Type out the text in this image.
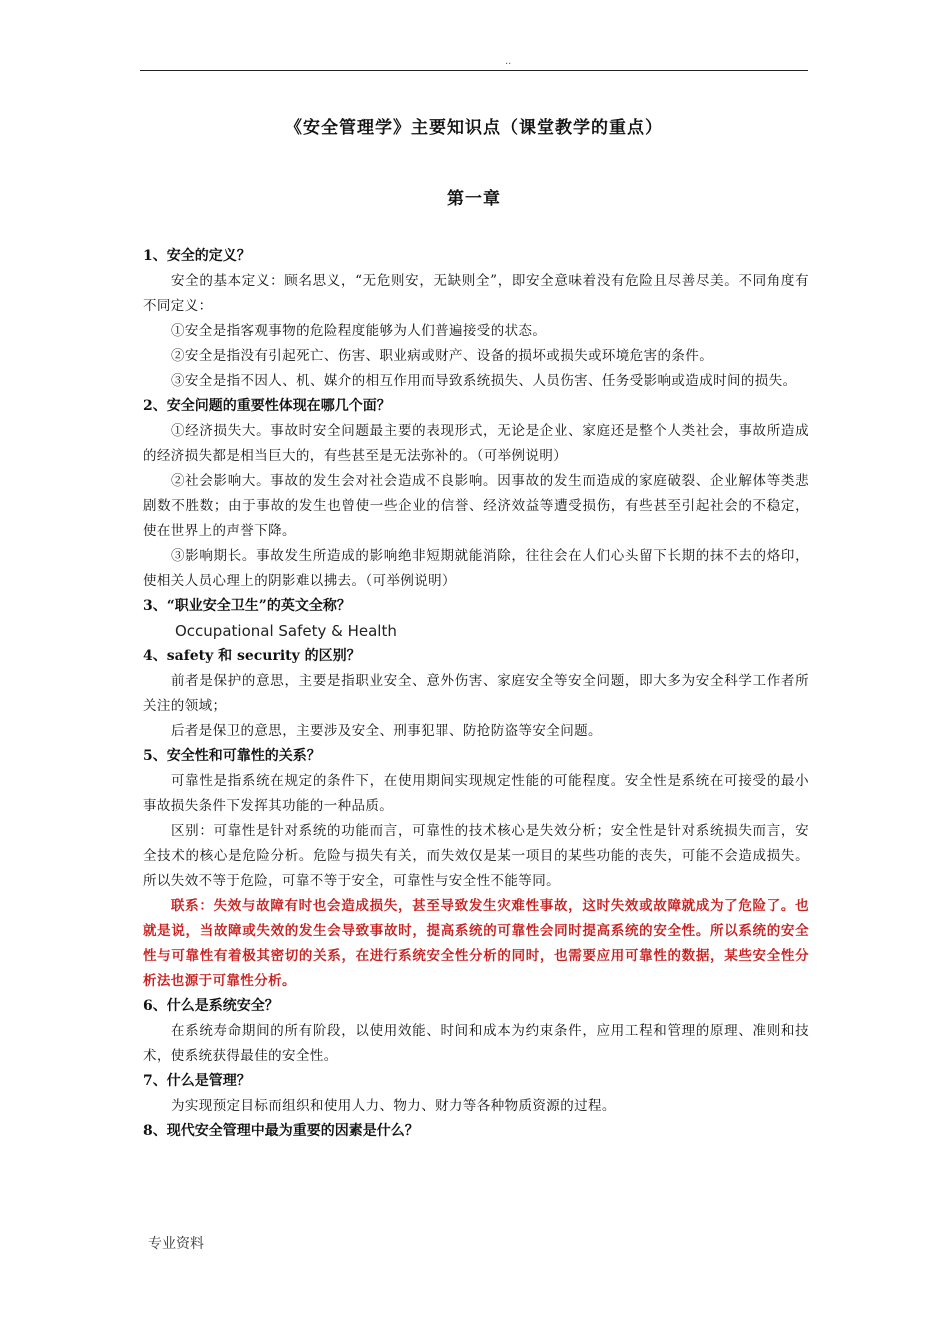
..
《安全管理学》主要知识点（课堂教学的重点）
第一章
1、安全的定义？
安全的基本定义：顾名思义，“无危则安，无缺则全”，即安全意味着没有危险且尽善尽美。不同角度有不同定义：
①安全是指客观事物的危险程度能够为人们普遍接受的状态。
②安全是指没有引起死亡、伤害、职业病或财产、设备的损坏或损失或环境危害的条件。
③安全是指不因人、机、媒介的相互作用而导致系统损失、人员伤害、任务受影响或造成时间的损失。
2、安全问题的重要性体现在哪几个面？
①经济损失大。事故时安全问题最主要的表现形式，无论是企业、家庭还是整个人类社会，事故所造成的经济损失都是相当巨大的，有些甚至是无法弥补的。（可举例说明）
②社会影响大。事故的发生会对社会造成不良影响。因事故的发生而造成的家庭破裂、企业解体等类悲剧数不胜数；由于事故的发生也曾使一些企业的信誉、经济效益等遭受损伤，有些甚至引起社会的不稳定，使在世界上的声誉下降。
③影响期长。事故发生所造成的影响绝非短期就能消除，往往会在人们心头留下长期的抹不去的烙印，使相关人员心理上的阴影难以拂去。（可举例说明）
3、“职业安全卫生”的英文全称？
Occupational Safety & Health
4、safety 和 security 的区别？
前者是保护的意思，主要是指职业安全、意外伤害、家庭安全等安全问题，即大多为安全科学工作者所关注的领域；
后者是保卫的意思，主要涉及安全、刑事犯罪、防抢防盗等安全问题。
5、安全性和可靠性的关系？
可靠性是指系统在规定的条件下，在使用期间实现规定性能的可能程度。安全性是系统在可接受的最小事故损失条件下发挥其功能的一种品质。
区别：可靠性是针对系统的功能而言，可靠性的技术核心是失效分析；安全性是针对系统损失而言，安全技术的核心是危险分析。危险与损失有关，而失效仅是某一项目的某些功能的丧失，可能不会造成损失。所以失效不等于危险，可靠不等于安全，可靠性与安全性不能等同。
联系：失效与故障有时也会造成损失，甚至导致发生灾难性事故，这时失效或故障就成为了危险了。也就是说，当故障或失效的发生会导致事故时，提高系统的可靠性会同时提高系统的安全性。所以系统的安全性与可靠性有着极其密切的关系，在进行系统安全性分析的同时，也需要应用可靠性的数据，某些安全性分析法也源于可靠性分析。
6、什么是系统安全？
在系统寿命期间的所有阶段，以使用效能、时间和成本为约束条件，应用工程和管理的原理、准则和技术，使系统获得最佳的安全性。
7、什么是管理？
为实现预定目标而组织和使用人力、物力、财力等各种物质资源的过程。
8、现代安全管理中最为重要的因素是什么？
专业资料
